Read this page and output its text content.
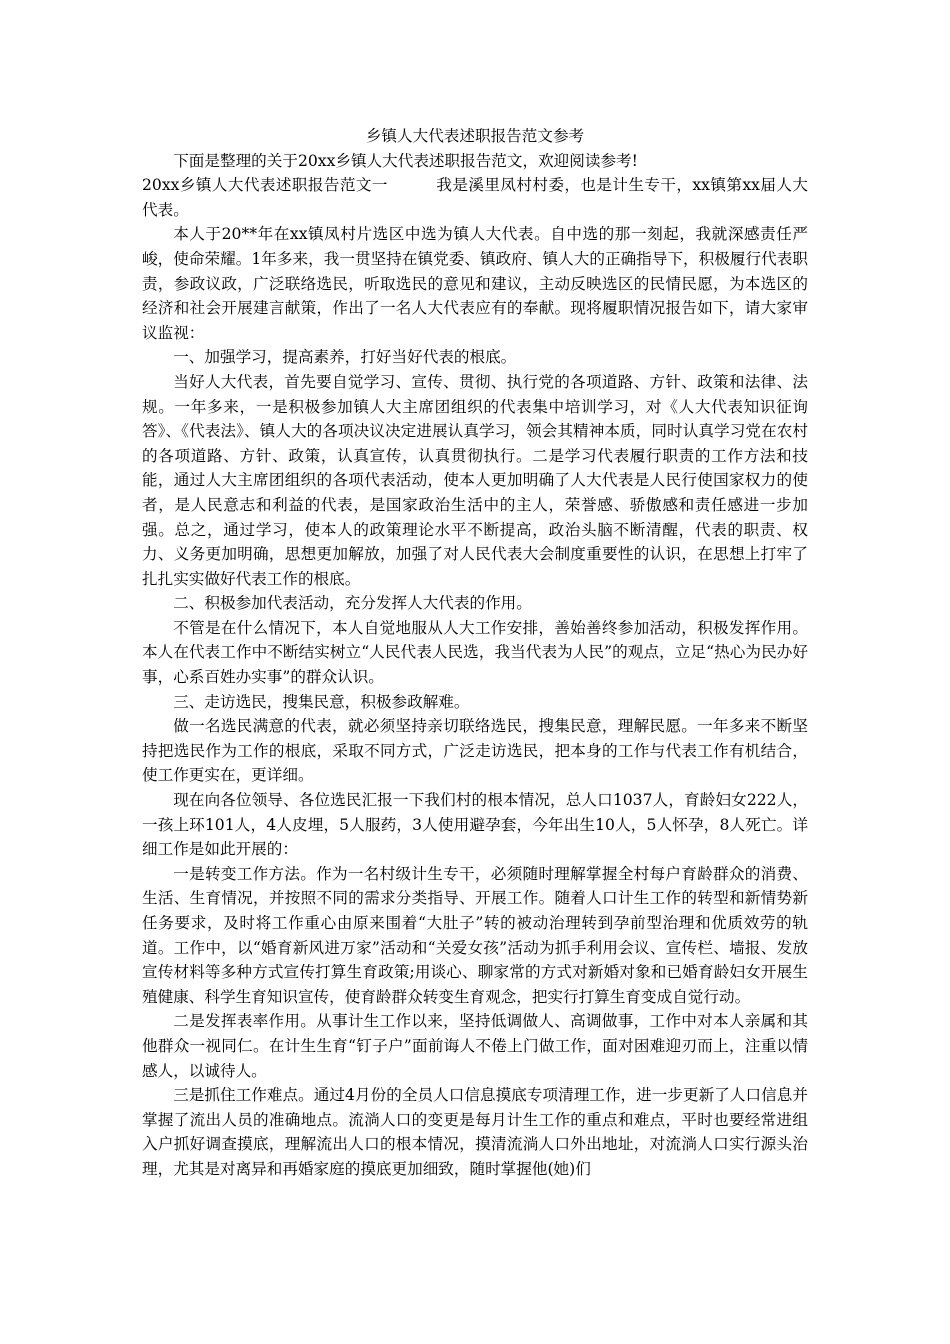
乡镇人大代表述职报告范文参考

下面是整理的关于20xx乡镇人大代表述职报告范文，欢迎阅读参考!

20xx乡镇人大代表述职报告范文一	我是溪里凤村村委，也是计生专干，xx镇第xx届人大代表。

本人于20**年在xx镇凤村片选区中选为镇人大代表。自中选的那一刻起，我就深感责任严峻，使命荣耀。1年多来，我一贯坚持在镇党委、镇政府、镇人大的正确指导下，积极履行代表职责，参政议政，广泛联络选民，听取选民的意见和建议，主动反映选区的民情民愿，为本选区的经济和社会开展建言献策，作出了一名人大代表应有的奉献。现将履职情况报告如下，请大家审议监视：

一、加强学习，提高素养，打好当好代表的根底。

当好人大代表，首先要自觉学习、宣传、贯彻、执行党的各项道路、方针、政策和法律、法规。一年多来，一是积极参加镇人大主席团组织的代表集中培训学习，对《人大代表知识征询答》、《代表法》、镇人大的各项决议决定进展认真学习，领会其精神本质，同时认真学习党在农村的各项道路、方针、政策，认真宣传，认真贯彻执行。二是学习代表履行职责的工作方法和技能，通过人大主席团组织的各项代表活动，使本人更加明确了人大代表是人民行使国家权力的使者，是人民意志和利益的代表，是国家政治生活中的主人，荣誉感、骄傲感和责任感进一步加强。总之，通过学习，使本人的政策理论水平不断提高，政治头脑不断清醒，代表的职责、权力、义务更加明确，思想更加解放，加强了对人民代表大会制度重要性的认识，在思想上打牢了扎扎实实做好代表工作的根底。

二、积极参加代表活动，充分发挥人大代表的作用。

不管是在什么情况下，本人自觉地服从人大工作安排，善始善终参加活动，积极发挥作用。本人在代表工作中不断结实树立“人民代表人民选，我当代表为人民”的观点，立足“热心为民办好事，心系百姓办实事”的群众认识。

三、走访选民，搜集民意，积极参政解难。

做一名选民满意的代表，就必须坚持亲切联络选民，搜集民意，理解民愿。一年多来不断坚持把选民作为工作的根底，采取不同方式，广泛走访选民，把本身的工作与代表工作有机结合，使工作更实在，更详细。

现在向各位领导、各位选民汇报一下我们村的根本情况，总人口1037人，育龄妇女222人，一孩上环101人，4人皮埋，5人服药，3人使用避孕套，今年出生10人，5人怀孕，8人死亡。详细工作是如此开展的：

一是转变工作方法。作为一名村级计生专干，必须随时理解掌握全村每户育龄群众的消费、生活、生育情况，并按照不同的需求分类指导、开展工作。随着人口计生工作的转型和新情势新任务要求，及时将工作重心由原来围着“大肚子”转的被动治理转到孕前型治理和优质效劳的轨道。工作中，以“婚育新风进万家”活动和“关爱女孩”活动为抓手利用会议、宣传栏、墙报、发放宣传材料等多种方式宣传打算生育政策;用谈心、聊家常的方式对新婚对象和已婚育龄妇女开展生殖健康、科学生育知识宣传，使育龄群众转变生育观念，把实行打算生育变成自觉行动。

二是发挥表率作用。从事计生工作以来，坚持低调做人、高调做事，工作中对本人亲属和其他群众一视同仁。在计生生育“钉子户”面前诲人不倦上门做工作，面对困难迎刃而上，注重以情感人，以诚待人。

三是抓住工作难点。通过4月份的全员人口信息摸底专项清理工作，进一步更新了人口信息并掌握了流出人员的准确地点。流淌人口的变更是每月计生工作的重点和难点，平时也要经常进组入户抓好调查摸底，理解流出人口的根本情况，摸清流淌人口外出地址，对流淌人口实行源头治理，尤其是对离异和再婚家庭的摸底更加细致，随时掌握他(她)们
